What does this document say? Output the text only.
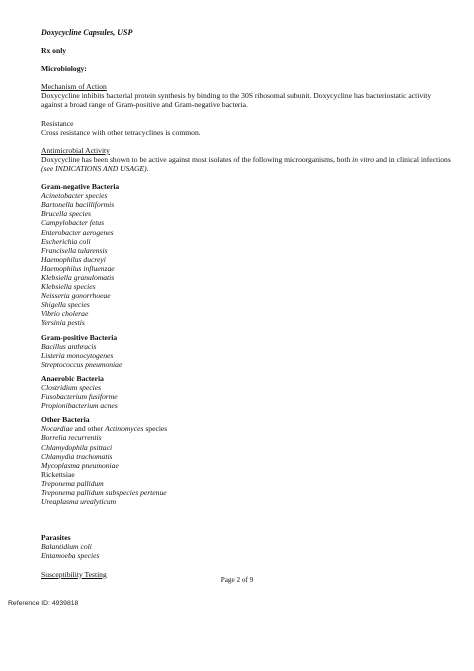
Doxycycline Capsules, USP
Rx only
Microbiology:
Mechanism of Action
Doxycycline inhibits bacterial protein synthesis by binding to the 30S ribosomal subunit. Doxycycline has bacteriostatic activity against a broad range of Gram-positive and Gram-negative bacteria.
Resistance
Cross resistance with other tetracyclines is common.
Antimicrobial Activity
Doxycycline has been shown to be active against most isolates of the following microorganisms, both in vitro and in clinical infections (see INDICATIONS AND USAGE).
Gram-negative Bacteria
Acinetobacter species
Bartonella bacilliformis
Brucella species
Campylobacter fetus
Enterobacter aerogenes
Escherichia coli
Francisella tularensis
Haemophilus ducreyi
Haemophilus influenzae
Klebsiella granulomatis
Klebsiella species
Neisseria gonorrhoeae
Shigella species
Vibrio cholerae
Yersinia pestis
Gram-positive Bacteria
Bacillus anthracis
Listeria monocytogenes
Streptococcus pneumoniae
Anaerobic Bacteria
Clostridium species
Fusobacterium fusiforme
Propionibacterium acnes
Other Bacteria
Nocardiae and other Actinomyces species
Borrelia recurrentis
Chlamydophila psittaci
Chlamydia trachomatis
Mycoplasma pneumoniae
Rickettsiae
Treponema pallidum
Treponema pallidum subspecies pertenue
Ureaplasma urealyticum
Parasites
Balantidium coli
Entamoeba species
Susceptibility Testing
Page 2 of 9
Reference ID: 4939818
